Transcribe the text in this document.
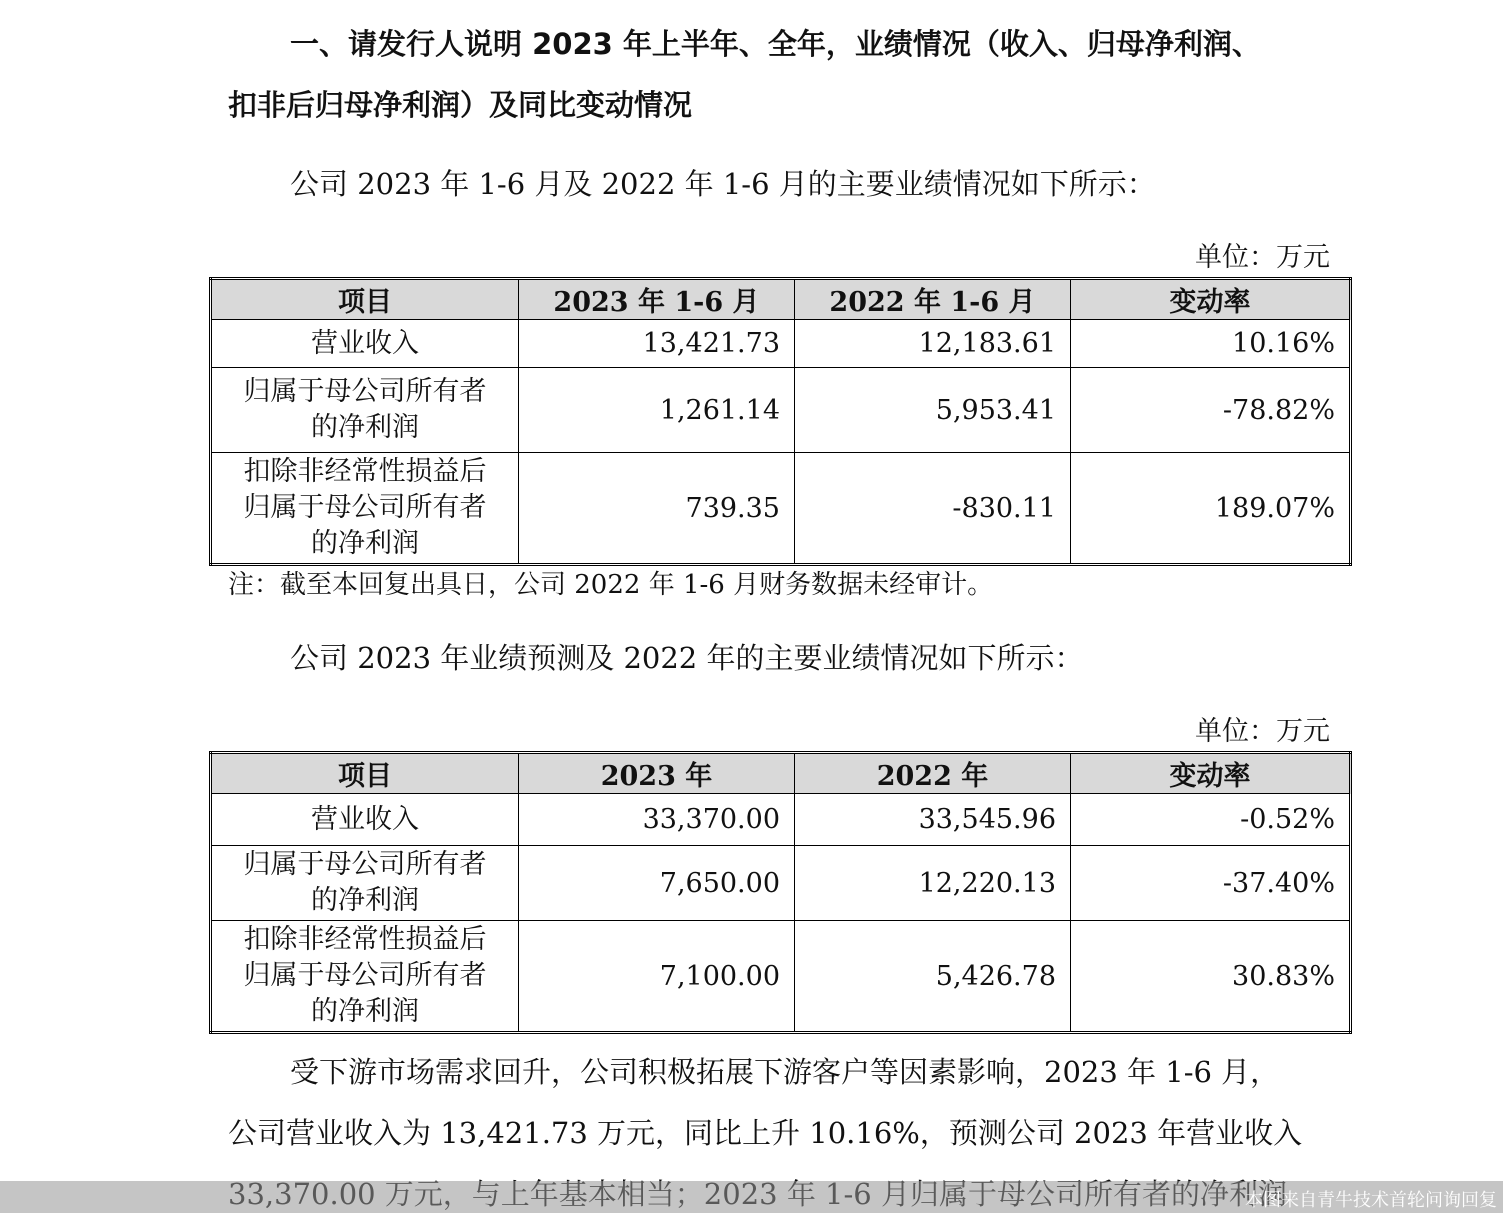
一、请发行人说明 2023 年上半年、全年，业绩情况（收入、归母净利润、
扣非后归母净利润）及同比变动情况
公司 2023 年 1-6 月及 2022 年 1-6 月的主要业绩情况如下所示：
单位：万元
项目	2023 年 1-6 月	2022 年 1-6 月	变动率
营业收入	13,421.73	12,183.61	10.16%

归属于母公司所有者
的净利润	1,261.14	5,953.41	-78.82%

扣除非经常性损益后
归属于母公司所有者
的净利润	739.35	-830.11	189.07%
注：截至本回复出具日，公司 2022 年 1-6 月财务数据未经审计。
公司 2023 年业绩预测及 2022 年的主要业绩情况如下所示：
单位：万元
项目	2023 年	2022 年	变动率
营业收入	33,370.00	33,545.96	-0.52%

归属于母公司所有者
的净利润	7,650.00	12,220.13	-37.40%

扣除非经常性损益后
归属于母公司所有者
的净利润	7,100.00	5,426.78	30.83%
受下游市场需求回升，公司积极拓展下游客户等因素影响，2023 年 1-6 月，
公司营业收入为 13,421.73 万元，同比上升 10.16%，预测公司 2023 年营业收入
本图来自青牛技术首轮问询回复
